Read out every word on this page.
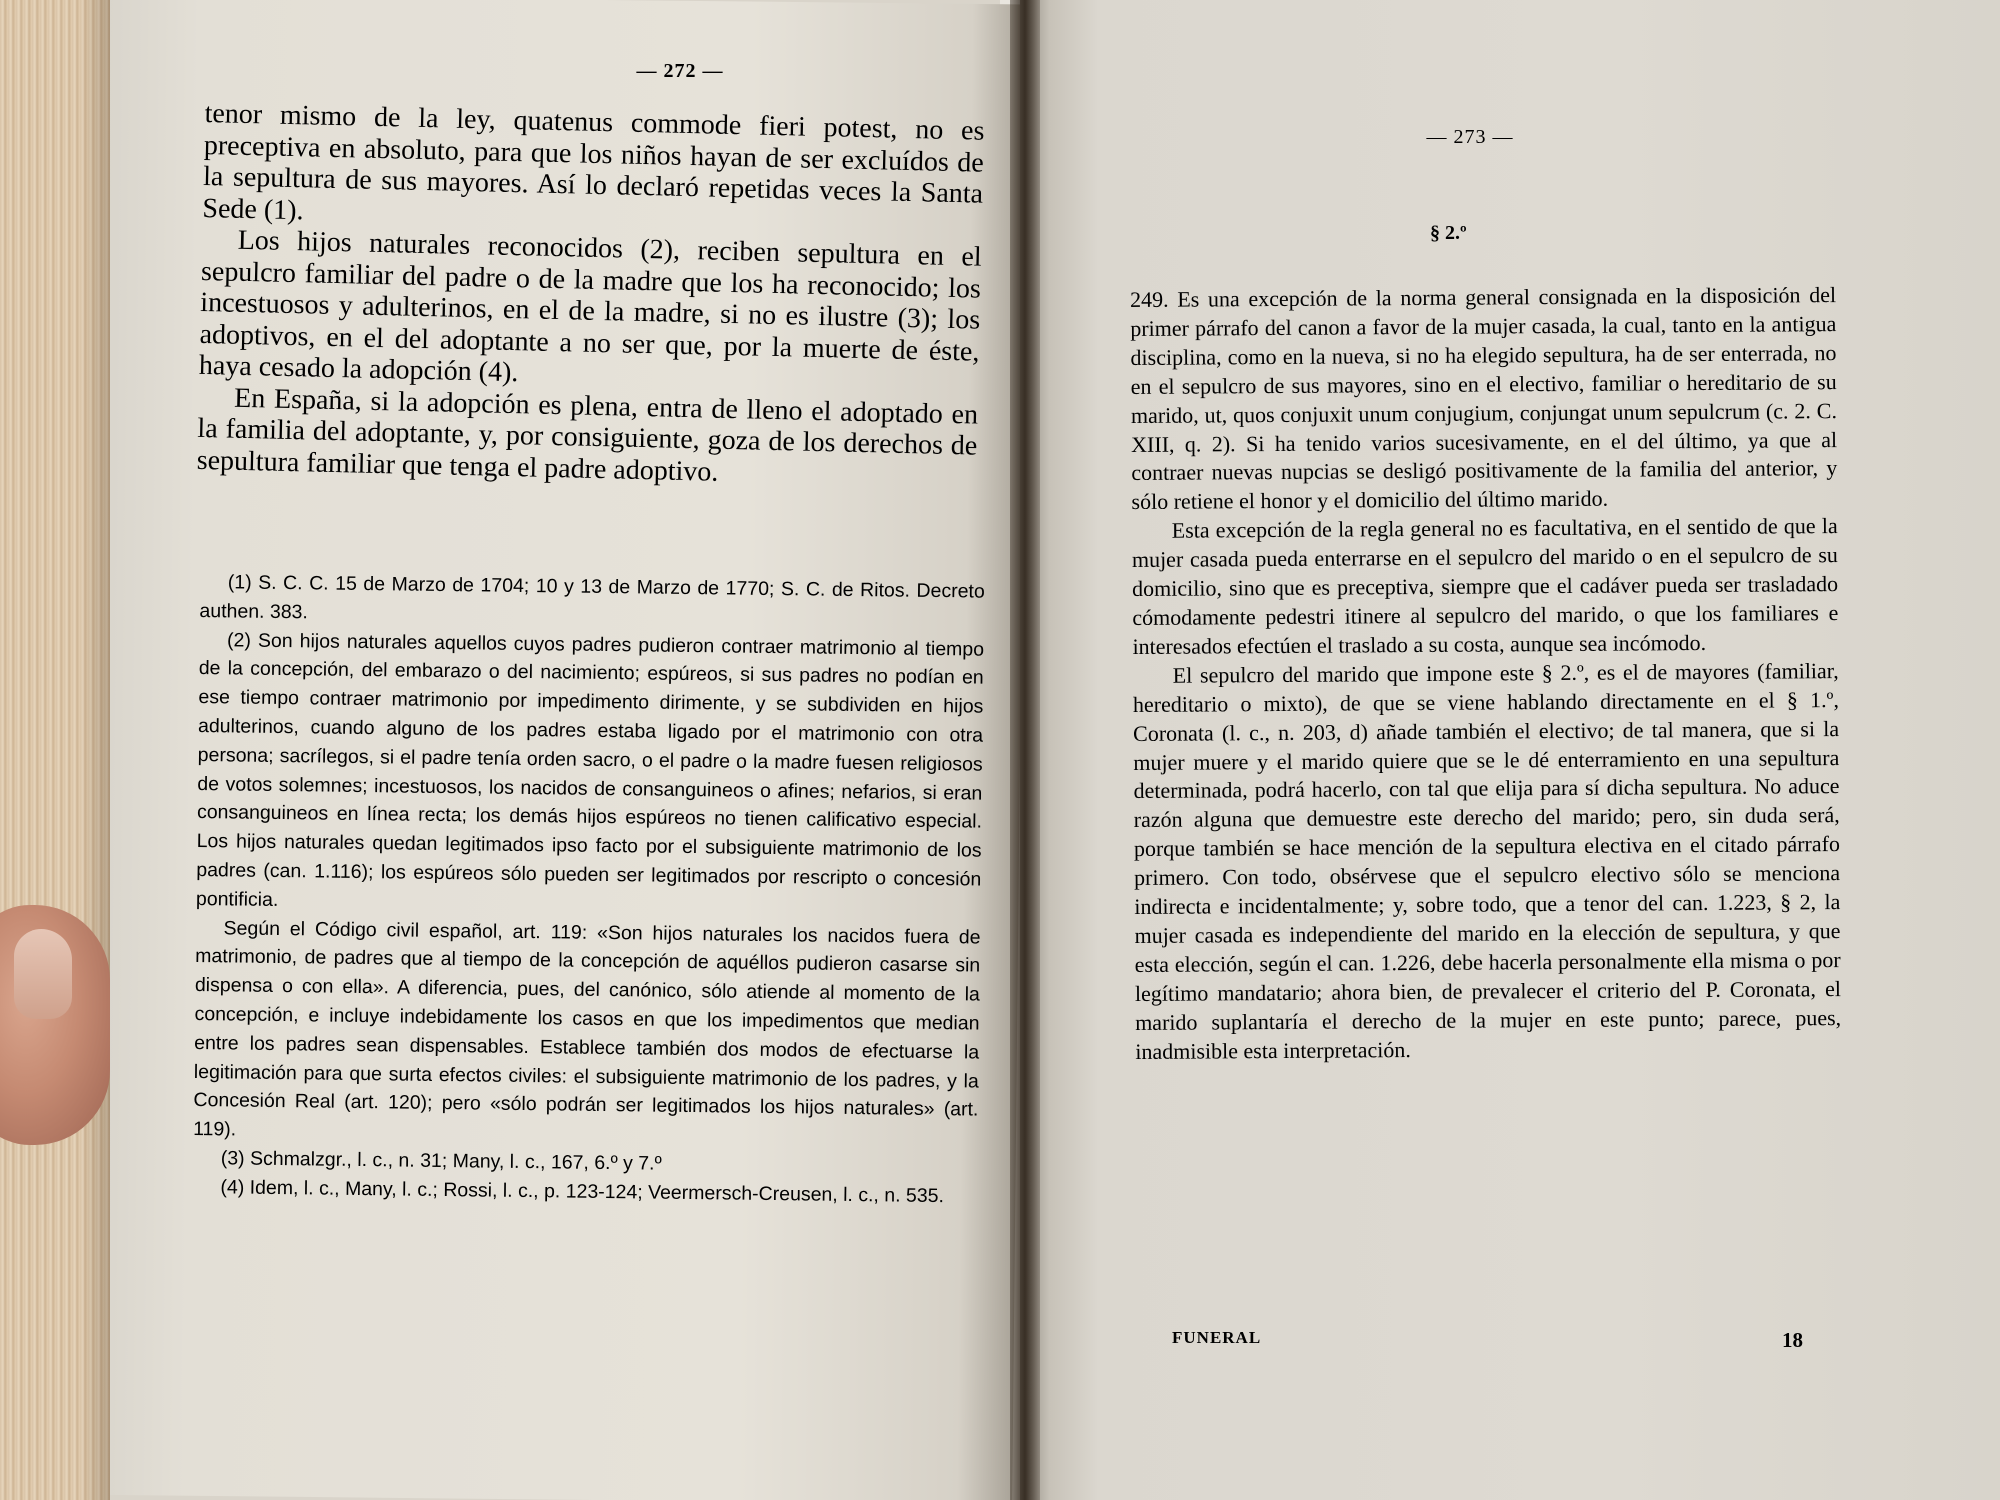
— 272 —

tenor mismo de la ley, quatenus commode fieri potest, no es preceptiva en absoluto, para que los niños hayan de ser excluídos de la sepultura de sus mayores. Así lo declaró repetidas veces la Santa Sede (1).

Los hijos naturales reconocidos (2), reciben sepultura en el sepulcro familiar del padre o de la madre que los ha reconocido; los incestuosos y adulterinos, en el de la madre, si no es ilustre (3); los adoptivos, en el del adoptante a no ser que, por la muerte de éste, haya cesado la adopción (4).

En España, si la adopción es plena, entra de lleno el adoptado en la familia del adoptante, y, por consiguiente, goza de los derechos de sepultura familiar que tenga el padre adoptivo.

(1) S. C. C. 15 de Marzo de 1704; 10 y 13 de Marzo de 1770; S. C. de Ritos. Decreto authen. 383.

(2) Son hijos naturales aquellos cuyos padres pudieron contraer matrimonio al tiempo de la concepción, del embarazo o del nacimiento; espúreos, si sus padres no podían en ese tiempo contraer matrimonio por impedimento dirimente, y se subdividen en hijos adulterinos, cuando alguno de los padres estaba ligado por el matrimonio con otra persona; sacrílegos, si el padre tenía orden sacro, o el padre o la madre fuesen religiosos de votos solemnes; incestuosos, los nacidos de consanguineos o afines; nefarios, si eran consanguineos en línea recta; los demás hijos espúreos no tienen calificativo especial. Los hijos naturales quedan legitimados ipso facto por el subsiguiente matrimonio de los padres (can. 1.116); los espúreos sólo pueden ser legitimados por rescripto o concesión pontificia.

Según el Código civil español, art. 119: «Son hijos naturales los nacidos fuera de matrimonio, de padres que al tiempo de la concepción de aquéllos pudieron casarse sin dispensa o con ella». A diferencia, pues, del canónico, sólo atiende al momento de la concepción, e incluye indebidamente los casos en que los impedimentos que median entre los padres sean dispensables. Establece también dos modos de efectuarse la legitimación para que surta efectos civiles: el subsiguiente matrimonio de los padres, y la Concesión Real (art. 120); pero «sólo podrán ser legitimados los hijos naturales» (art. 119).

(3) Schmalzgr., l. c., n. 31; Many, l. c., 167, 6.º y 7.º

(4) Idem, l. c., Many, l. c.; Rossi, l. c., p. 123-124; Veermersch-Creusen, l. c., n. 535.

— 273 —
§ 2.º

249. Es una excepción de la norma general consignada en la disposición del primer párrafo del canon a favor de la mujer casada, la cual, tanto en la antigua disciplina, como en la nueva, si no ha elegido sepultura, ha de ser enterrada, no en el sepulcro de sus mayores, sino en el electivo, familiar o hereditario de su marido, ut, quos conjuxit unum conjugium, conjungat unum sepulcrum (c. 2. C. XIII, q. 2). Si ha tenido varios sucesivamente, en el del último, ya que al contraer nuevas nupcias se desligó positivamente de la familia del anterior, y sólo retiene el honor y el domicilio del último marido.

Esta excepción de la regla general no es facultativa, en el sentido de que la mujer casada pueda enterrarse en el sepulcro del marido o en el sepulcro de su domicilio, sino que es preceptiva, siempre que el cadáver pueda ser trasladado cómodamente pedestri itinere al sepulcro del marido, o que los familiares e interesados efectúen el traslado a su costa, aunque sea incómodo.

El sepulcro del marido que impone este § 2.º, es el de mayores (familiar, hereditario o mixto), de que se viene hablando directamente en el § 1.º, Coronata (l. c., n. 203, d) añade también el electivo; de tal manera, que si la mujer muere y el marido quiere que se le dé enterramiento en una sepultura determinada, podrá hacerlo, con tal que elija para sí dicha sepultura. No aduce razón alguna que demuestre este derecho del marido; pero, sin duda será, porque también se hace mención de la sepultura electiva en el citado párrafo primero. Con todo, obsérvese que el sepulcro electivo sólo se menciona indirecta e incidentalmente; y, sobre todo, que a tenor del can. 1.223, § 2, la mujer casada es independiente del marido en la elección de sepultura, y que esta elección, según el can. 1.226, debe hacerla personalmente ella misma o por legítimo mandatario; ahora bien, de prevalecer el criterio del P. Coronata, el marido suplantaría el derecho de la mujer en este punto; parece, pues, inadmisible esta interpretación.

FUNERAL	18
